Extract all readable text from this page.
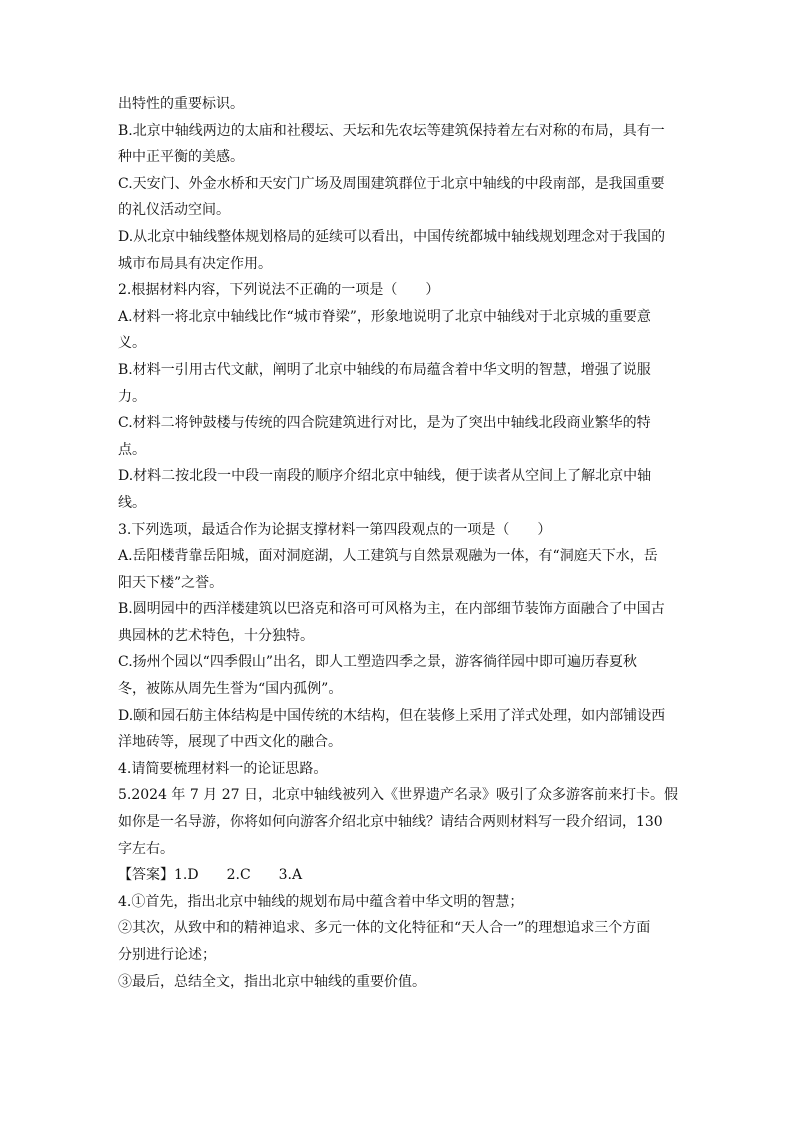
出特性的重要标识。
B.北京中轴线两边的太庙和社稷坛、天坛和先农坛等建筑保持着左右对称的布局，具有一
种中正平衡的美感。
C.天安门、外金水桥和天安门广场及周围建筑群位于北京中轴线的中段南部，是我国重要
的礼仪活动空间。
D.从北京中轴线整体规划格局的延续可以看出，中国传统都城中轴线规划理念对于我国的
城市布局具有决定作用。
2.根据材料内容，下列说法不正确的一项是（　　）
A.材料一将北京中轴线比作“城市脊梁”，形象地说明了北京中轴线对于北京城的重要意
义。
B.材料一引用古代文献，阐明了北京中轴线的布局蕴含着中华文明的智慧，增强了说服
力。
C.材料二将钟鼓楼与传统的四合院建筑进行对比，是为了突出中轴线北段商业繁华的特
点。
D.材料二按北段一中段一南段的顺序介绍北京中轴线，便于读者从空间上了解北京中轴
线。
3.下列选项，最适合作为论据支撑材料一第四段观点的一项是（　　）
A.岳阳楼背靠岳阳城，面对洞庭湖，人工建筑与自然景观融为一体，有“洞庭天下水，岳
阳天下楼”之誉。
B.圆明园中的西洋楼建筑以巴洛克和洛可可风格为主，在内部细节装饰方面融合了中国古
典园林的艺术特色，十分独特。
C.扬州个园以“四季假山”出名，即人工塑造四季之景，游客徜徉园中即可遍历春夏秋
冬，被陈从周先生誉为“国内孤例”。
D.颐和园石舫主体结构是中国传统的木结构，但在装修上采用了洋式处理，如内部铺设西
洋地砖等，展现了中西文化的融合。
4.请简要梳理材料一的论证思路。
5.2024 年 7 月 27 日，北京中轴线被列入《世界遗产名录》吸引了众多游客前来打卡。假
如你是一名导游，你将如何向游客介绍北京中轴线？请结合两则材料写一段介绍词，130
字左右。
【答案】1.D　　2.C　　3.A
4.①首先，指出北京中轴线的规划布局中蕴含着中华文明的智慧；
②其次，从致中和的精神追求、多元一体的文化特征和“天人合一”的理想追求三个方面
分别进行论述；
③最后，总结全文，指出北京中轴线的重要价值。
